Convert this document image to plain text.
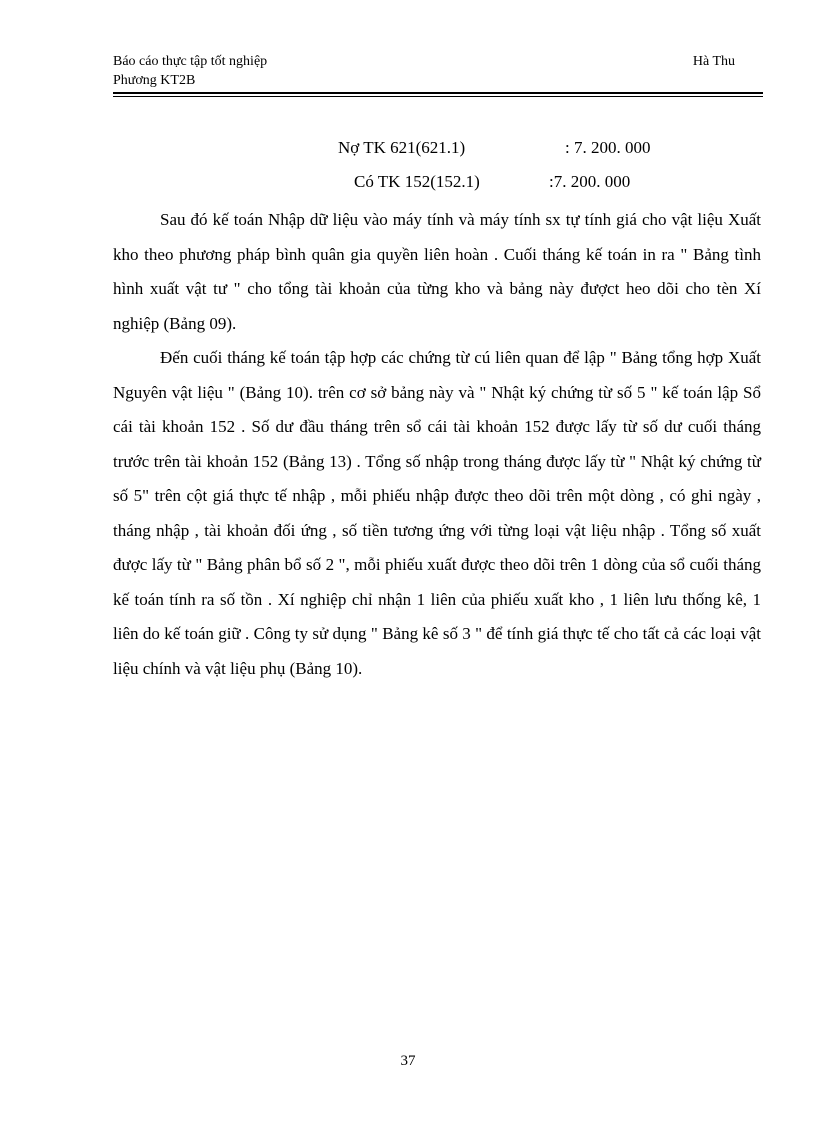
Báo cáo thực tập tốt nghiệp
Phương KT2B
Hà Thu
Nợ TK 621(621.1)	: 7. 200. 000
Có TK 152(152.1)	:7. 200. 000

Sau đó kế toán Nhập dữ liệu vào máy tính và máy tính sx tự tính giá cho vật liệu Xuất kho theo phương pháp bình quân gia quyền liên hoàn . Cuối tháng kế toán in ra " Bảng tình hình xuất vật tư " cho tổng tài khoản của từng kho và bảng này đượct heo dõi cho tèn Xí nghiệp (Bảng 09).

Đến cuối tháng kế toán tập hợp các chứng từ cú liên quan để lập " Bảng tổng hợp Xuất Nguyên vật liệu " (Bảng 10). trên cơ sở bảng này và " Nhật ký chứng từ số 5 " kế toán lập Sổ cái tài khoản 152 . Số dư đầu tháng trên sổ cái tài khoản 152 được lấy từ số dư cuối tháng trước trên tài khoản 152 (Bảng 13) . Tổng số nhập trong tháng được lấy từ " Nhật ký chứng từ số 5" trên cột giá thực tế nhập , mỗi phiếu nhập được theo dõi trên một dòng , có ghi ngày , tháng nhập , tài khoản đối ứng , số tiền tương ứng với từng loại vật liệu nhập . Tổng số xuất được lấy từ " Bảng phân bổ số 2 ", mỗi phiếu xuất được theo dõi trên 1 dòng của sổ cuối tháng kế toán tính ra số tồn . Xí nghiệp chỉ nhận 1 liên của phiếu xuất kho , 1 liên lưu thống kê, 1 liên do kế toán giữ . Công ty sử dụng " Bảng kê số 3 " để tính giá thực tế cho tất cả các loại vật liệu chính và vật liệu phụ (Bảng 10).

37
